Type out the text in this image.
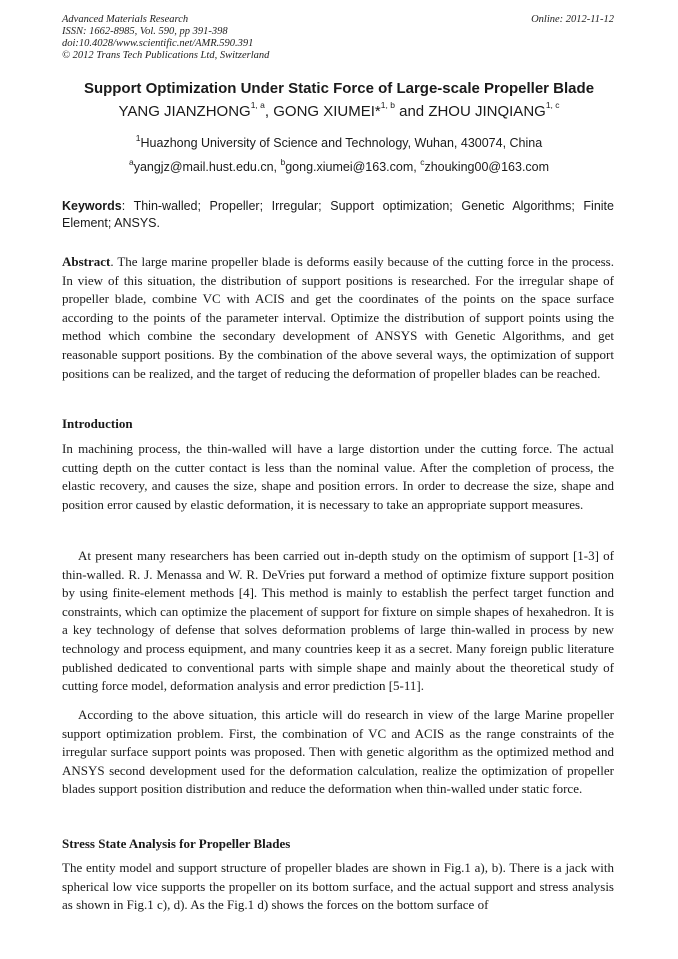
Advanced Materials Research
ISSN: 1662-8985, Vol. 590, pp 391-398
doi:10.4028/www.scientific.net/AMR.590.391
© 2012 Trans Tech Publications Ltd, Switzerland
Online: 2012-11-12
Support Optimization Under Static Force of Large-scale Propeller Blade
YANG JIANZHONG$^{1, a}$, GONG XIUMEI*$^{1, b}$ and ZHOU JINQIANG$^{1, c}$
$^1$Huazhong University of Science and Technology, Wuhan, 430074, China
$^a$yangjz@mail.hust.edu.cn, $^b$gong.xiumei@163.com, $^c$zhouking00@163.com
Keywords: Thin-walled; Propeller; Irregular; Support optimization; Genetic Algorithms; Finite Element; ANSYS.
Abstract. The large marine propeller blade is deforms easily because of the cutting force in the process. In view of this situation, the distribution of support positions is researched. For the irregular shape of propeller blade, combine VC with ACIS and get the coordinates of the points on the space surface according to the points of the parameter interval. Optimize the distribution of support points using the method which combine the secondary development of ANSYS with Genetic Algorithms, and get reasonable support positions. By the combination of the above several ways, the optimization of support positions can be realized, and the target of reducing the deformation of propeller blades can be reached.
Introduction
In machining process, the thin-walled will have a large distortion under the cutting force. The actual cutting depth on the cutter contact is less than the nominal value. After the completion of process, the elastic recovery, and causes the size, shape and position errors. In order to decrease the size, shape and position error caused by elastic deformation, it is necessary to take an appropriate support measures.
At present many researchers has been carried out in-depth study on the optimism of support [1-3] of thin-walled. R. J. Menassa and W. R. DeVries put forward a method of optimize fixture support position by using finite-element methods [4]. This method is mainly to establish the perfect target function and constraints, which can optimize the placement of support for fixture on simple shapes of hexahedron. It is a key technology of defense that solves deformation problems of large thin-walled in process by new technology and process equipment, and many countries keep it as a secret. Many foreign public literature published dedicated to conventional parts with simple shape and mainly about the theoretical study of cutting force model, deformation analysis and error prediction [5-11].
According to the above situation, this article will do research in view of the large Marine propeller support optimization problem. First, the combination of VC and ACIS as the range constraints of the irregular surface support points was proposed. Then with genetic algorithm as the optimized method and ANSYS second development used for the deformation calculation, realize the optimization of propeller blades support position distribution and reduce the deformation when thin-walled under static force.
Stress State Analysis for Propeller Blades
The entity model and support structure of propeller blades are shown in Fig.1 a), b). There is a jack with spherical low vice supports the propeller on its bottom surface, and the actual support and stress analysis as shown in Fig.1 c), d). As the Fig.1 d) shows the forces on the bottom surface of
